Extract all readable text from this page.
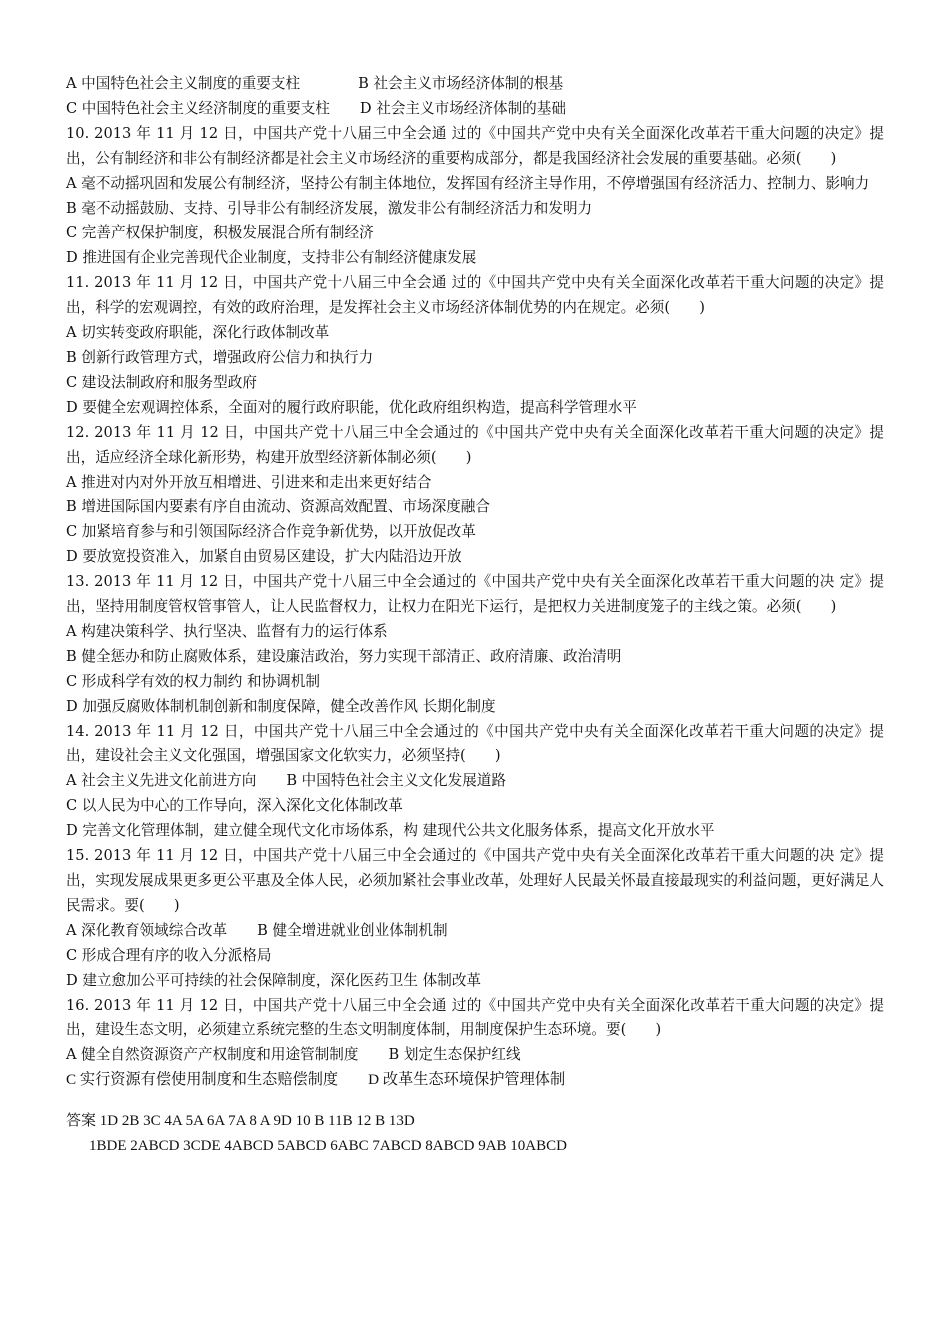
A 中国特色社会主义制度的重要支柱	B 社会主义市场经济体制的根基
C 中国特色社会主义经济制度的重要支柱 D 社会主义市场经济体制的基础
10. 2013 年 11 月 12 日，中国共产党十八届三中全会通 过的《中国共产党中央有关全面深化改革若干重大问题的决定》提出，公有制经济和非公有制经济都是社会主义市场经济的重要构成部分，都是我国经济社会发展的重要基础。必须(　　)
A 毫不动摇巩固和发展公有制经济，坚持公有制主体地位，发挥国有经济主导作用，不停增强国有经济活力、控制力、影响力
B 毫不动摇鼓励、支持、引导非公有制经济发展，激发非公有制经济活力和发明力
C 完善产权保护制度，积极发展混合所有制经济
D 推进国有企业完善现代企业制度，支持非公有制经济健康发展
11. 2013 年 11 月 12 日，中国共产党十八届三中全会通 过的《中国共产党中央有关全面深化改革若干重大问题的决定》提出，科学的宏观调控，有效的政府治理，是发挥社会主义市场经济体制优势的内在规定。必须(　　)
A 切实转变政府职能，深化行政体制改革
B 创新行政管理方式，增强政府公信力和执行力
C 建设法制政府和服务型政府
D 要健全宏观调控体系，全面对的履行政府职能，优化政府组织构造，提高科学管理水平
12. 2013 年 11 月 12 日，中国共产党十八届三中全会通过的《中国共产党中央有关全面深化改革若干重大问题的决定》提出，适应经济全球化新形势，构建开放型经济新体制必须(　　)
A 推进对内对外开放互相增进、引进来和走出来更好结合
B 增进国际国内要素有序自由流动、资源高效配置、市场深度融合
C 加紧培育参与和引领国际经济合作竞争新优势，以开放促改革
D 要放宽投资准入，加紧自由贸易区建设，扩大内陆沿边开放
13. 2013 年 11 月 12 日，中国共产党十八届三中全会通过的《中国共产党中央有关全面深化改革若干重大问题的决 定》提出，坚持用制度管权管事管人，让人民监督权力，让权力在阳光下运行，是把权力关进制度笼子的主线之策。必须(　　)
A 构建决策科学、执行坚决、监督有力的运行体系
B 健全惩办和防止腐败体系，建设廉洁政治，努力实现干部清正、政府清廉、政治清明
C 形成科学有效的权力制约 和协调机制
D 加强反腐败体制机制创新和制度保障，健全改善作风 长期化制度
14. 2013 年 11 月 12 日，中国共产党十八届三中全会通过的《中国共产党中央有关全面深化改革若干重大问题的决定》提出，建设社会主义文化强国，增强国家文化软实力，必须坚持(　　)
A 社会主义先进文化前进方向 B 中国特色社会主义文化发展道路
C 以人民为中心的工作导向，深入深化文化体制改革
D 完善文化管理体制，建立健全现代文化市场体系，构 建现代公共文化服务体系，提高文化开放水平
15. 2013 年 11 月 12 日，中国共产党十八届三中全会通过的《中国共产党中央有关全面深化改革若干重大问题的决 定》提出，实现发展成果更多更公平惠及全体人民，必须加紧社会事业改革，处理好人民最关怀最直接最现实的利益问题，更好满足人民需求。要(　　)
A 深化教育领域综合改革 B 健全增进就业创业体制机制
C 形成合理有序的收入分派格局
D 建立愈加公平可持续的社会保障制度，深化医药卫生 体制改革
16. 2013 年 11 月 12 日，中国共产党十八届三中全会通 过的《中国共产党中央有关全面深化改革若干重大问题的决定》提出，建设生态文明，必须建立系统完整的生态文明制度体制，用制度保护生态环境。要(　　)
A 健全自然资源资产产权制度和用途管制制度 B 划定生态保护红线
C 实行资源有偿使用制度和生态赔偿制度 D 改革生态环境保护管理体制
答案 1D 2B 3C 4A 5A 6A 7A 8 A 9D 10 B 11B 12 B 13D
1BDE 2ABCD 3CDE 4ABCD 5ABCD 6ABC 7ABCD 8ABCD 9AB 10ABCD
